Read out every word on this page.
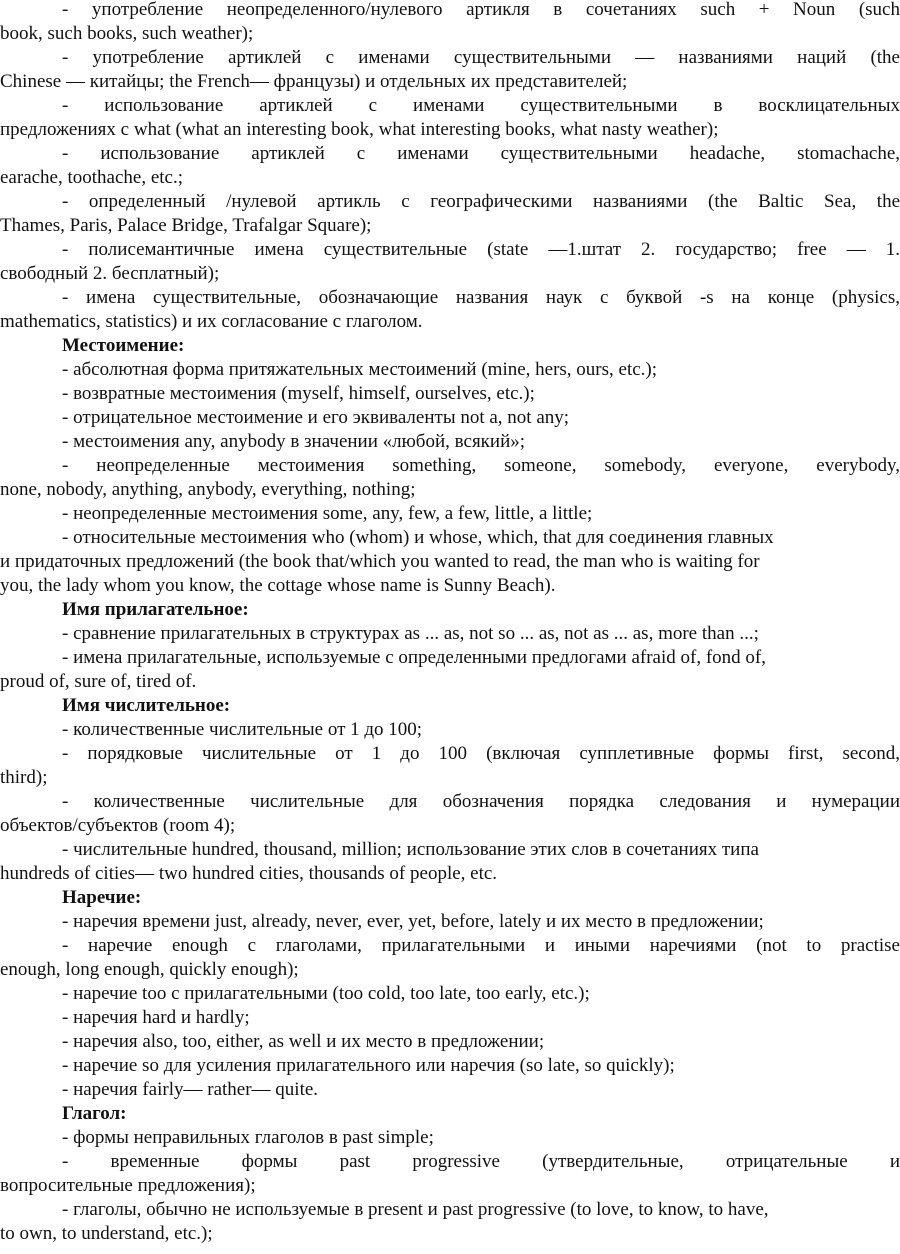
- употребление неопределенного/нулевого артикля в сочетаниях such + Noun (such
book, such books, such weather);
- употребление артиклей с именами существительными — названиями наций (the
Chinese — китайцы; the French— французы) и отдельных их представителей;
- использование артиклей с именами существительными в восклицательных
предложениях с what (what an interesting book, what interesting books, what nasty weather);
- использование артиклей с именами существительными headache, stomachache,
earache, toothache, etc.;
- определенный /нулевой артикль с географическими названиями (the Baltic Sea, the
Thames, Paris, Palace Bridge, Trafalgar Square);
- полисемантичные имена существительные (state —1.штат 2. государство; free — 1.
свободный 2. бесплатный);
- имена существительные, обозначающие названия наук с буквой -s на конце (physics,
mathematics, statistics) и их согласование с глаголом.
Местоимение:
- абсолютная форма притяжательных местоимений (mine, hers, ours, etc.);
- возвратные местоимения (myself, himself, ourselves, etc.);
- отрицательное местоимение и его эквиваленты not a, not any;
- местоимения any, anybody в значении «любой, всякий»;
- неопределенные местоимения something, someone, somebody, everyone, everybody,
none, nobody, anything, anybody, everything, nothing;
- неопределенные местоимения some, any, few, a few, little, a little;
- относительные местоимения who (whom) и whose, which, that для соединения главных
и придаточных предложений (the book that/which you wanted to read, the man who is waiting for
you, the lady whom you know, the cottage whose name is Sunny Beach).
Имя прилагательное:
- сравнение прилагательных в структурах as ... as, not so ... as, not as ... as, more than ...;
- имена прилагательные, используемые с определенными предлогами afraid of, fond of,
proud of, sure of, tired of.
Имя числительное:
- количественные числительные от 1 до 100;
- порядковые числительные от 1 до 100 (включая супплетивные формы first, second,
third);
- количественные числительные для обозначения порядка следования и нумерации
объектов/субъектов (room 4);
- числительные hundred, thousand, million; использование этих слов в сочетаниях типа
hundreds of cities— two hundred cities, thousands of people, etc.
Наречие:
- наречия времени just, already, never, ever, yet, before, lately и их место в предложении;
- наречие enough с глаголами, прилагательными и иными наречиями (not to practise
enough, long enough, quickly enough);
- наречие too с прилагательными (too cold, too late, too early, etc.);
- наречия hard и hardly;
- наречия also, too, either, as well и их место в предложении;
- наречие so для усиления прилагательного или наречия (so late, so quickly);
- наречия fairly— rather— quite.
Глагол:
- формы неправильных глаголов в past simple;
- временные формы past progressive (утвердительные, отрицательные и
вопросительные предложения);
- глаголы, обычно не используемые в present и past progressive (to love, to know, to have,
to own, to understand, etc.);
